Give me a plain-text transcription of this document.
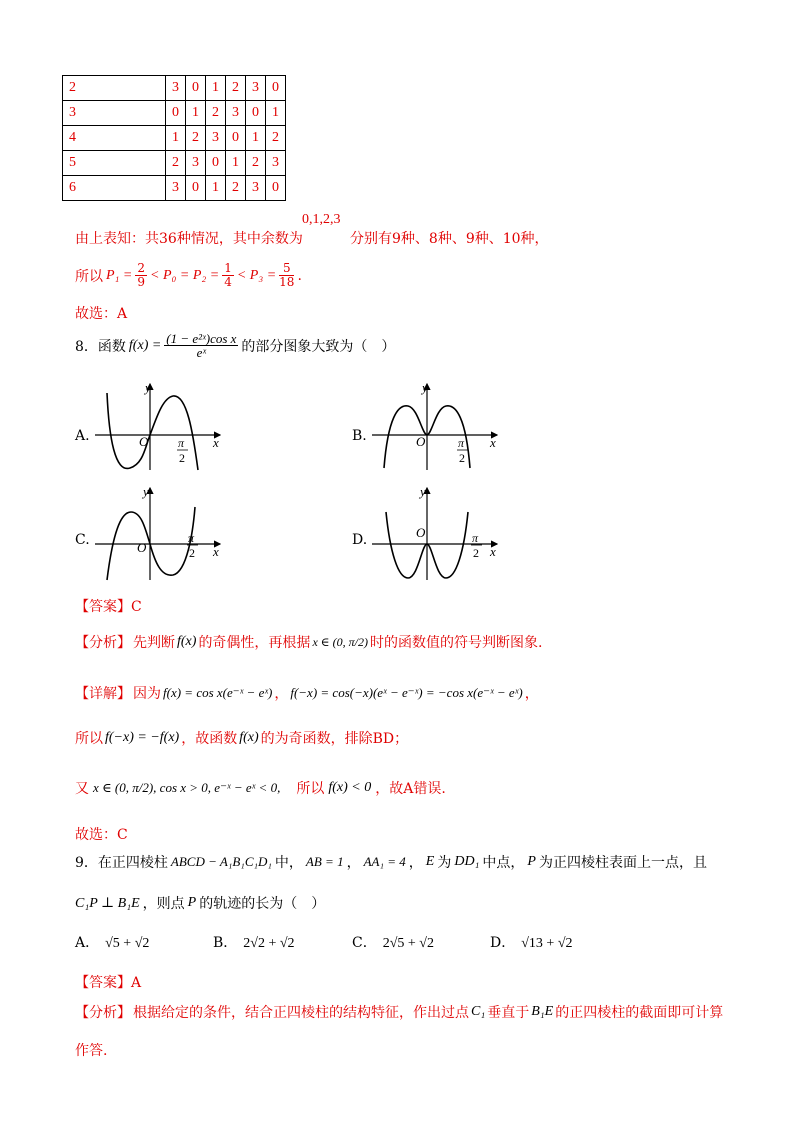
2	3	0	1	2	3	0
3	0	1	2	3	0	1
4	1	2	3	0	1	2
5	2	3	0	1	2	3
6	3	0	1	2	3	0
由上表知：共36种情况，其中余数为
0,1,2,3
分别有9种、8种、9种、10种，
所以 $P_1 = \frac{2}{9} < P_0 = P_2 = \frac{1}{4} < P_3 = \frac{5}{18}$ .
故选：A
8．函数 $f(x) = \frac{\text{(1 − e²ˣ)cos x}}{\text{eˣ}}$ 的部分图象大致为（　）
A.	B.
C.	D.
O
y
x
π
2
O
y
x
π
2
O
y
x
π
2
O
y
x
π
2
【答案】C
【分析】 先判断 f(x) 的奇偶性，再根据 x ∈ (0, π/2) 时的函数值的符号判断图象.
【详解】 因为 f(x) = cos x(e⁻ˣ − eˣ) ， f(−x) = cos(−x)(eˣ − e⁻ˣ) = −cos x(e⁻ˣ − eˣ) ，
所以 f(−x) = −f(x) ，故函数 f(x) 的为奇函数，排除BD；
又 x ∈ (0, π/2), cos x > 0, e⁻ˣ − eˣ < 0, 所以 f(x) < 0 ，故A错误.
故选：C
9．在正四棱柱 ABCD − A₁B₁C₁D₁ 中， AB = 1 ， AA₁ = 4 ， E 为 DD₁ 中点， P 为正四棱柱表面上一点，且
C₁P ⊥ B₁E ，则点 P 的轨迹的长为（　）
A． √5 + √2	B． 2√2 + √2	C． 2√5 + √2	D． √13 + √2
【答案】A
【分析】 根据给定的条件，结合正四棱柱的结构特征，作出过点 C₁ 垂直于 B₁E 的正四棱柱的截面即可计算
作答.
